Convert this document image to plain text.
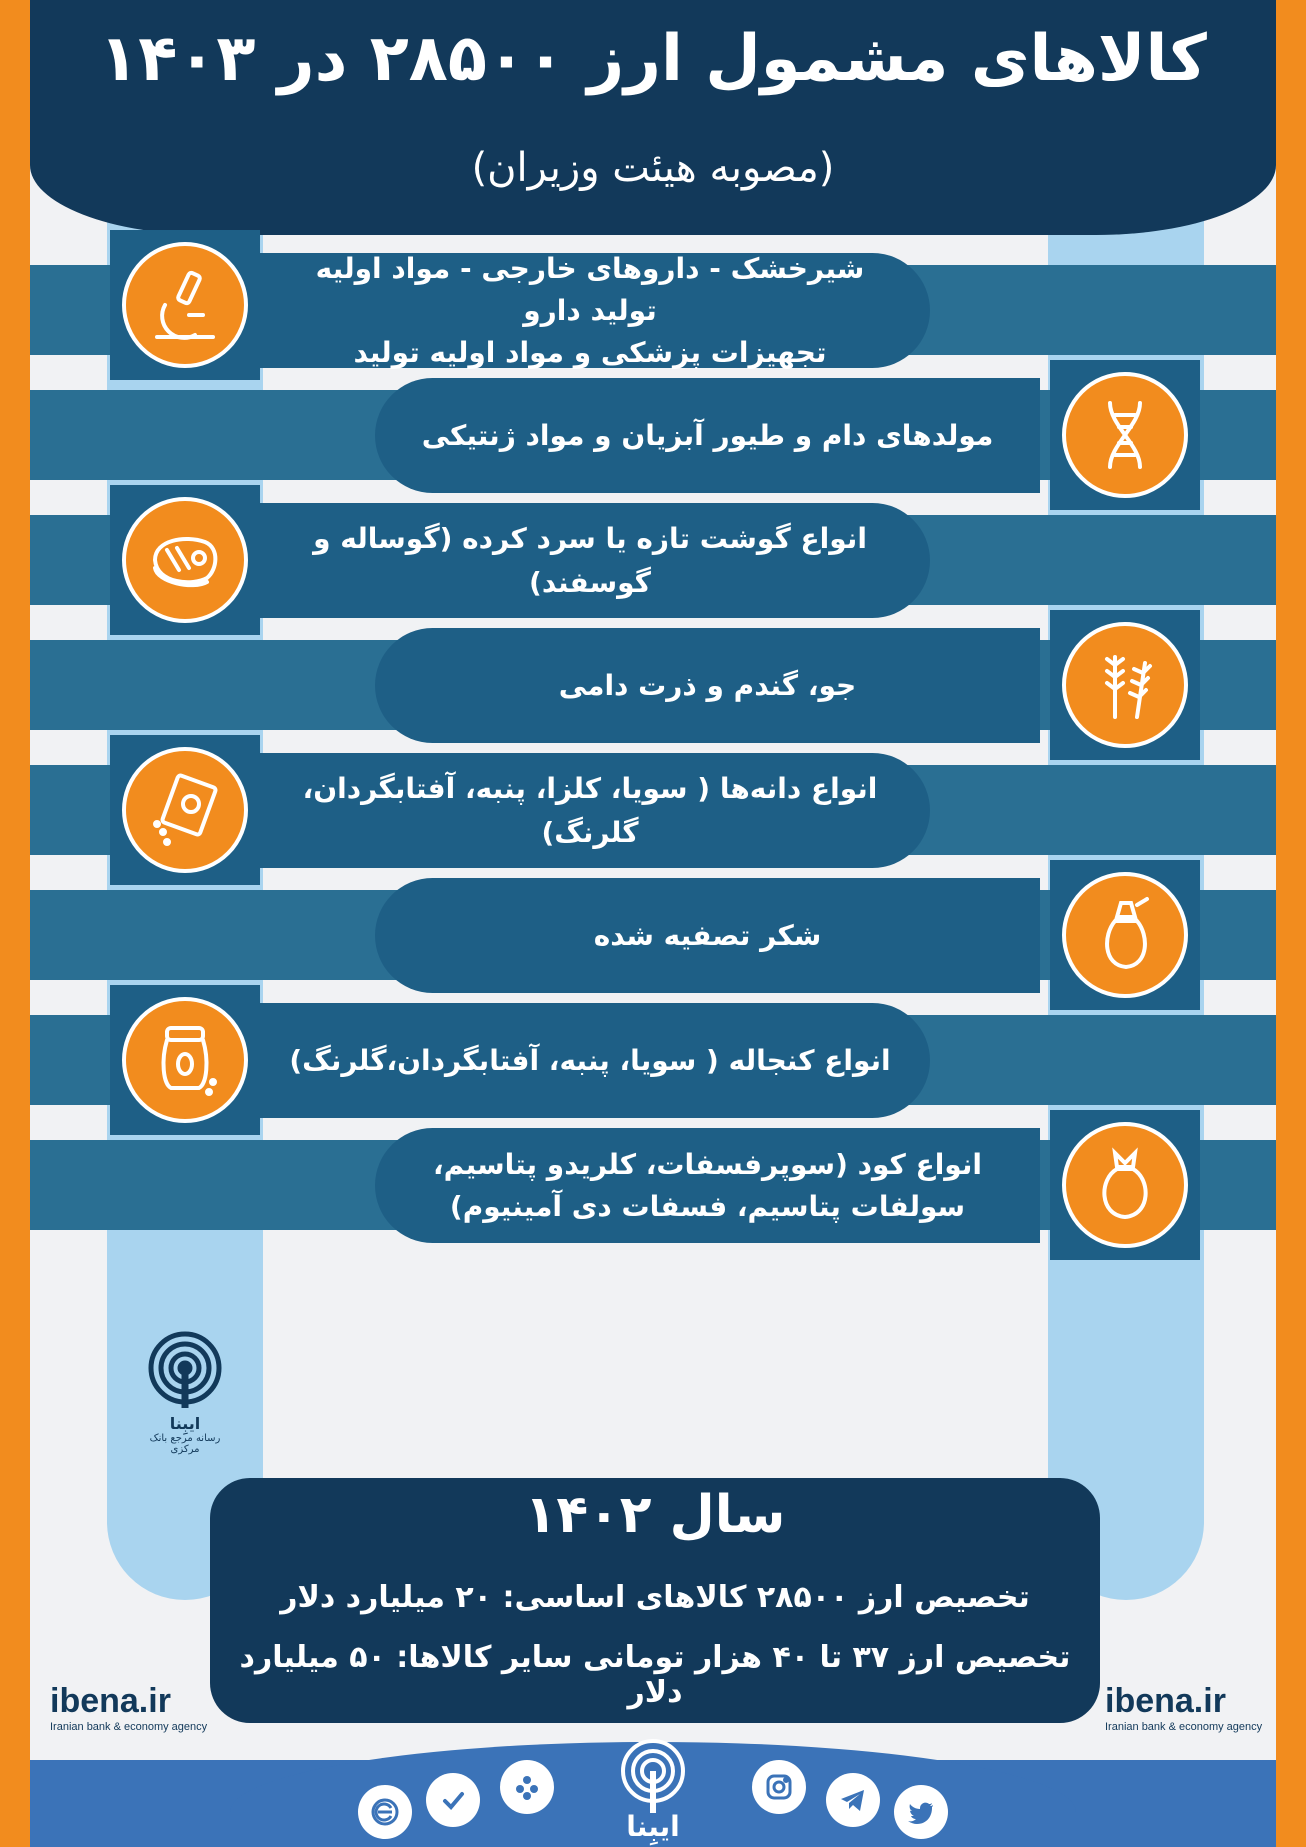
کالاهای مشمول ارز ۲۸۵۰۰ در ۱۴۰۳
(مصوبه هیئت وزیران)
شیرخشک - داروهای خارجی - مواد اولیه تولید دارو
تجهیزات پزشکی و مواد اولیه تولید
مولدهای دام و طیور آبزیان و مواد ژنتیکی
انواع گوشت تازه یا سرد کرده (گوساله و گوسفند)
جو، گندم و ذرت دامی
انواع دانه‌ها ( سویا، کلزا، پنبه، آفتابگردان، گلرنگ)
شکر تصفیه شده
انواع کنجاله ( سویا، پنبه، آفتابگردان،گلرنگ)
انواع کود (سوپرفسفات، کلریدو پتاسیم،
سولفات پتاسیم، فسفات دی آمینیوم)
ایبِنا
رسانه مرجع بانک مرکزی
سال ۱۴۰۲
تخصیص ارز ۲۸۵۰۰ کالاهای اساسی: ۲۰ میلیارد دلار
تخصیص ارز ۳۷ تا ۴۰ هزار تومانی سایر کالاها: ۵۰ میلیارد دلار
ibena.ir
Iranian bank & economy agency
ibena.ir
Iranian bank & economy agency
ایبِنا
